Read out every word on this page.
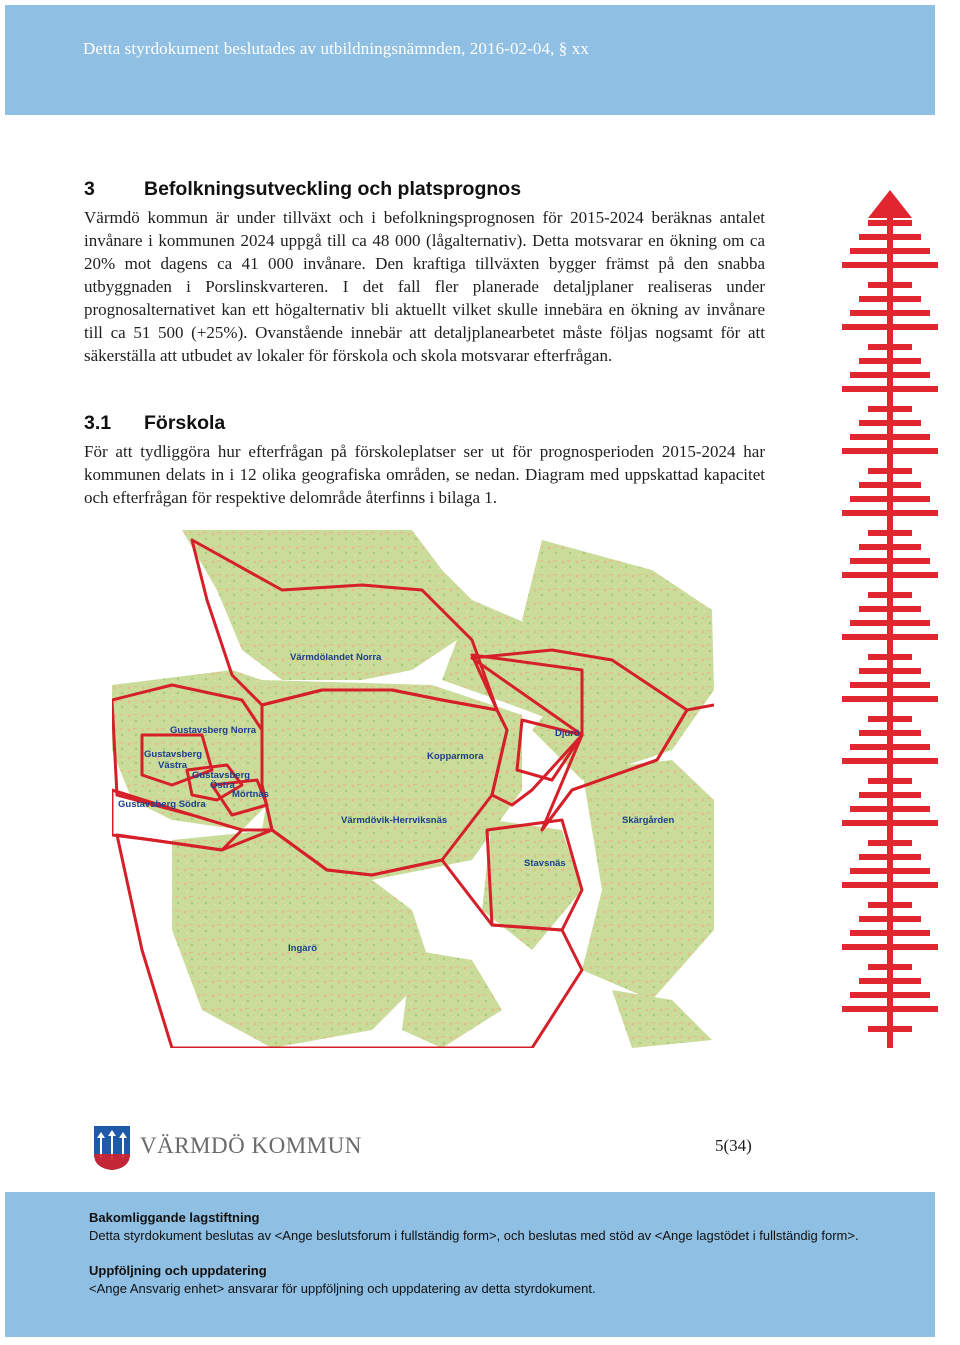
Detta styrdokument beslutades av utbildningsnämnden, 2016-02-04, § xx
3	Befolkningsutveckling och platsprognos
Värmdö kommun är under tillväxt och i befolkningsprognosen för 2015-2024 beräknas antalet invånare i kommunen 2024 uppgå till ca 48 000 (lågalternativ). Detta motsvarar en ökning om ca 20% mot dagens ca 41 000 invånare. Den kraftiga tillväxten bygger främst på den snabba utbyggnaden i Porslinskvarteren. I det fall fler planerade detaljplaner realiseras under prognosalternativet kan ett högalternativ bli aktuellt vilket skulle innebära en ökning av invånare till ca 51 500 (+25%). Ovanstående innebär att detaljplanearbetet måste följas nogsamt för att säkerställa att utbudet av lokaler för förskola och skola motsvarar efterfrågan.
3.1 Förskola
För att tydliggöra hur efterfrågan på förskoleplatser ser ut för prognosperioden 2015-2024 har kommunen delats in i 12 olika geografiska områden, se nedan. Diagram med uppskattad kapacitet och efterfrågan för respektive delområde återfinns i bilaga 1.
Värmdölandet Norra
Gustavsberg Norra
Gustavsberg
Västra
Gustavsberg
Östra
Mörtnäs
Gustavsberg Södra
Kopparmora
Djurö
Värmdövik-Herrviksnäs	Skärgården
Stavsnäs
Ingarö
VÄRMDÖ KOMMUN	5(34)
Bakomliggande lagstiftning
Detta styrdokument beslutas av <Ange beslutsforum i fullständig form>, och beslutas med stöd av <Ange lagstödet i fullständig form>.
Uppföljning och uppdatering
<Ange Ansvarig enhet> ansvarar för uppföljning och uppdatering av detta styrdokument.
